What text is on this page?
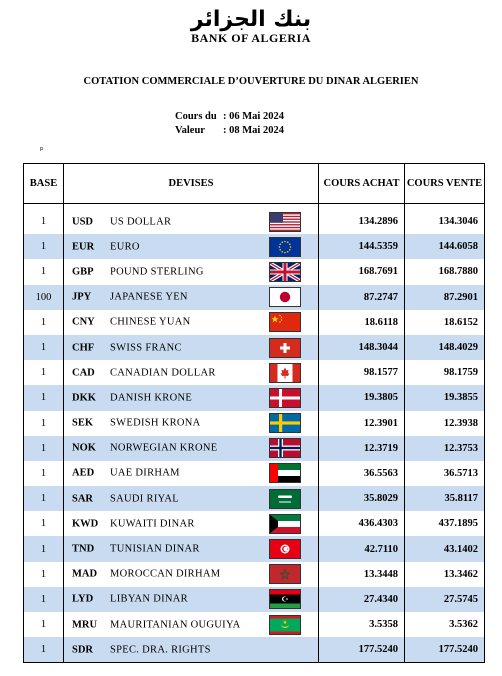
بنك الجزائر
BANK OF ALGERIA
COTATION COMMERCIALE D’OUVERTURE DU DINAR ALGERIEN
Cours du : 06 Mai 2024
Valeur : 08 Mai 2024
p
BASE	DEVISES	COURS ACHAT	COURS VENTE

1	USD US DOLLAR	134.2896	134.3046
1	EUR EURO	144.5359	144.6058
1	GBP POUND STERLING	168.7691	168.7880
100	JPY JAPANESE YEN	87.2747	87.2901
1	CNY CHINESE YUAN	18.6118	18.6152
1	CHF SWISS FRANC	148.3044	148.4029
1	CAD CANADIAN DOLLAR	98.1577	98.1759
1	DKK DANISH KRONE	19.3805	19.3855
1	SEK SWEDISH KRONA	12.3901	12.3938
1	NOK NORWEGIAN KRONE	12.3719	12.3753
1	AED UAE DIRHAM	36.5563	36.5713
1	SAR SAUDI RIYAL	35.8029	35.8117
1	KWD KUWAITI DINAR	436.4303	437.1895
1	TND TUNISIAN DINAR	42.7110	43.1402
1	MAD MOROCCAN DIRHAM	13.3448	13.3462
1	LYD LIBYAN DINAR	27.4340	27.5745
1	MRU MAURITANIAN OUGUIYA	3.5358	3.5362
1	SDR SPEC. DRA. RIGHTS	177.5240	177.5240
